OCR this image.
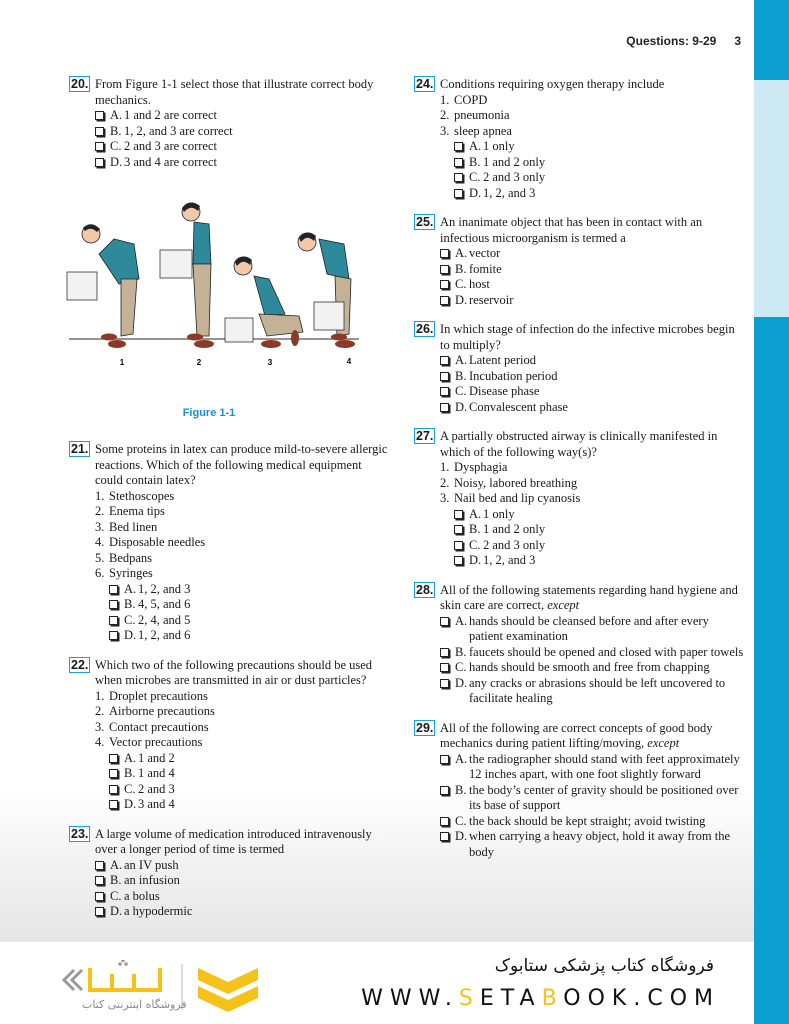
Questions: 9-29 3
20. From Figure 1-1 select those that illustrate correct body mechanics.
A. 1 and 2 are correct
B. 1, 2, and 3 are correct
C. 2 and 3 are correct
D. 3 and 4 are correct
1	2	3	4
Figure 1-1
21. Some proteins in latex can produce mild-to-severe allergic reactions. Which of the following medical equipment could contain latex?
1. Stethoscopes
2. Enema tips
3. Bed linen
4. Disposable needles
5. Bedpans
6. Syringes
A. 1, 2, and 3
B. 4, 5, and 6
C. 2, 4, and 5
D. 1, 2, and 6
22. Which two of the following precautions should be used when microbes are transmitted in air or dust particles?
1. Droplet precautions
2. Airborne precautions
3. Contact precautions
4. Vector precautions
A. 1 and 2
B. 1 and 4
C. 2 and 3
D. 3 and 4
23. A large volume of medication introduced intravenously over a longer period of time is termed
A. an IV push
B. an infusion
C. a bolus
D. a hypodermic
24. Conditions requiring oxygen therapy include
1. COPD
2. pneumonia
3. sleep apnea
A. 1 only
B. 1 and 2 only
C. 2 and 3 only
D. 1, 2, and 3
25. An inanimate object that has been in contact with an infectious microorganism is termed a
A. vector
B. fomite
C. host
D. reservoir
26. In which stage of infection do the infective microbes begin to multiply?
A. Latent period
B. Incubation period
C. Disease phase
D. Convalescent phase
27. A partially obstructed airway is clinically manifested in which of the following way(s)?
1. Dysphagia
2. Noisy, labored breathing
3. Nail bed and lip cyanosis
A. 1 only
B. 1 and 2 only
C. 2 and 3 only
D. 1, 2, and 3
28. All of the following statements regarding hand hygiene and skin care are correct, except
A. hands should be cleansed before and after every patient examination
B. faucets should be opened and closed with paper towels
C. hands should be smooth and free from chapping
D. any cracks or abrasions should be left uncovered to facilitate healing
29. All of the following are correct concepts of good body mechanics during patient lifting/moving, except
A. the radiographer should stand with feet approximately 12 inches apart, with one foot slightly forward
B. the body’s center of gravity should be positioned over its base of support
C. the back should be kept straight; avoid twisting
D. when carrying a heavy object, hold it away from the body
فروشگاه اینترنتی کتاب
فروشگاه کتاب پزشکی ستابوک
WWW.SETABOOK.COM
